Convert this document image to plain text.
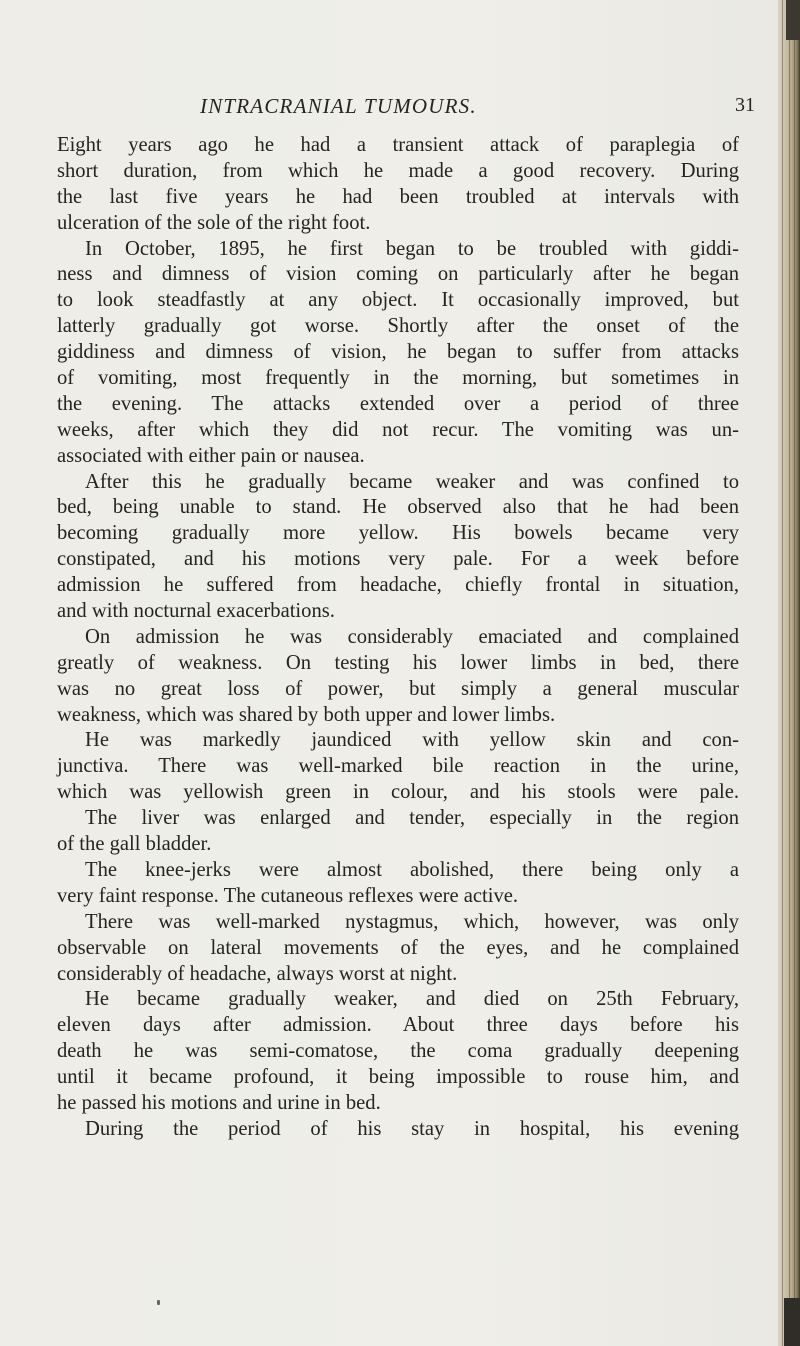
INTRACRANIAL TUMOURS.	31
Eight years ago he had a transient attack of paraplegia of
short duration, from which he made a good recovery. During
the last five years he had been troubled at intervals with
ulceration of the sole of the right foot.
In October, 1895, he first began to be troubled with giddi-
ness and dimness of vision coming on particularly after he began
to look steadfastly at any object. It occasionally improved, but
latterly gradually got worse. Shortly after the onset of the
giddiness and dimness of vision, he began to suffer from attacks
of vomiting, most frequently in the morning, but sometimes in
the evening. The attacks extended over a period of three
weeks, after which they did not recur. The vomiting was un-
associated with either pain or nausea.
After this he gradually became weaker and was confined to
bed, being unable to stand. He observed also that he had been
becoming gradually more yellow. His bowels became very
constipated, and his motions very pale. For a week before
admission he suffered from headache, chiefly frontal in situation,
and with nocturnal exacerbations.
On admission he was considerably emaciated and complained
greatly of weakness. On testing his lower limbs in bed, there
was no great loss of power, but simply a general muscular
weakness, which was shared by both upper and lower limbs.
He was markedly jaundiced with yellow skin and con-
junctiva. There was well-marked bile reaction in the urine,
which was yellowish green in colour, and his stools were pale.
The liver was enlarged and tender, especially in the region
of the gall bladder.
The knee-jerks were almost abolished, there being only a
very faint response. The cutaneous reflexes were active.
There was well-marked nystagmus, which, however, was only
observable on lateral movements of the eyes, and he complained
considerably of headache, always worst at night.
He became gradually weaker, and died on 25th February,
eleven days after admission. About three days before his
death he was semi-comatose, the coma gradually deepening
until it became profound, it being impossible to rouse him, and
he passed his motions and urine in bed.
During the period of his stay in hospital, his evening
